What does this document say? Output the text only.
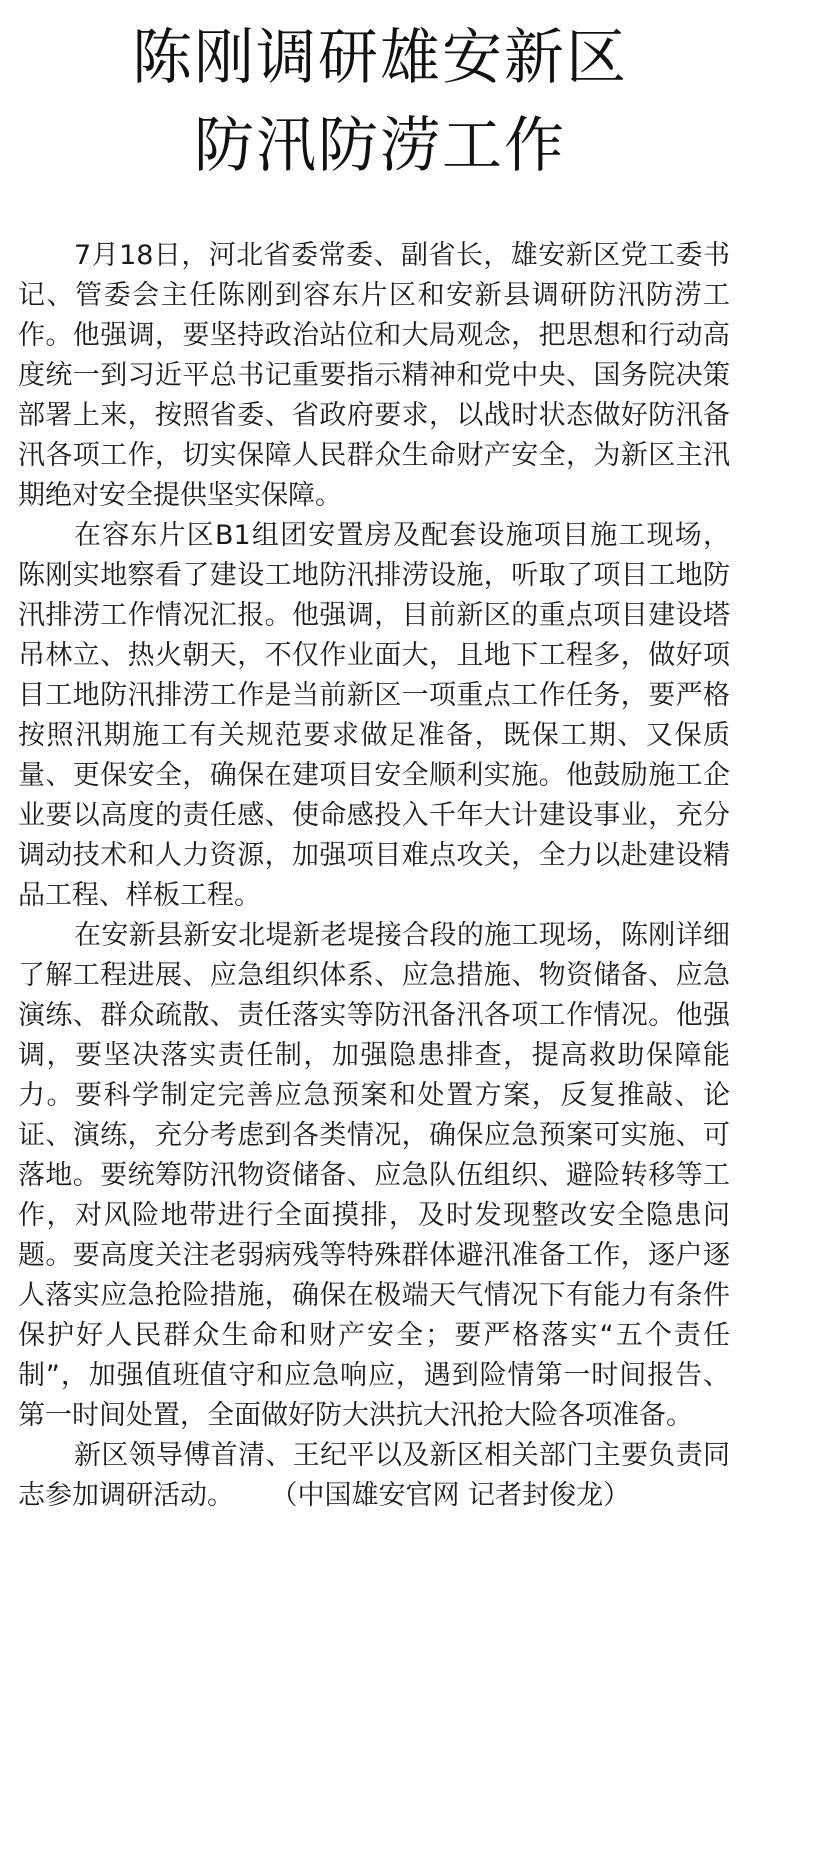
陈刚调研雄安新区
防汛防涝工作

7月18日，河北省委常委、副省长，雄安新区党工委书记、管委会主任陈刚到容东片区和安新县调研防汛防涝工作。他强调，要坚持政治站位和大局观念，把思想和行动高度统一到习近平总书记重要指示精神和党中央、国务院决策部署上来，按照省委、省政府要求，以战时状态做好防汛备汛各项工作，切实保障人民群众生命财产安全，为新区主汛期绝对安全提供坚实保障。

在容东片区B1组团安置房及配套设施项目施工现场，陈刚实地察看了建设工地防汛排涝设施，听取了项目工地防汛排涝工作情况汇报。他强调，目前新区的重点项目建设塔吊林立、热火朝天，不仅作业面大，且地下工程多，做好项目工地防汛排涝工作是当前新区一项重点工作任务，要严格按照汛期施工有关规范要求做足准备，既保工期、又保质量、更保安全，确保在建项目安全顺利实施。他鼓励施工企业要以高度的责任感、使命感投入千年大计建设事业，充分调动技术和人力资源，加强项目难点攻关，全力以赴建设精品工程、样板工程。

在安新县新安北堤新老堤接合段的施工现场，陈刚详细了解工程进展、应急组织体系、应急措施、物资储备、应急演练、群众疏散、责任落实等防汛备汛各项工作情况。他强调，要坚决落实责任制，加强隐患排查，提高救助保障能力。要科学制定完善应急预案和处置方案，反复推敲、论证、演练，充分考虑到各类情况，确保应急预案可实施、可落地。要统筹防汛物资储备、应急队伍组织、避险转移等工作，对风险地带进行全面摸排，及时发现整改安全隐患问题。要高度关注老弱病残等特殊群体避汛准备工作，逐户逐人落实应急抢险措施，确保在极端天气情况下有能力有条件保护好人民群众生命和财产安全；要严格落实“五个责任制”，加强值班值守和应急响应，遇到险情第一时间报告、第一时间处置，全面做好防大洪抗大汛抢大险各项准备。

新区领导傅首清、王纪平以及新区相关部门主要负责同志参加调研活动。 （中国雄安官网 记者封俊龙）
